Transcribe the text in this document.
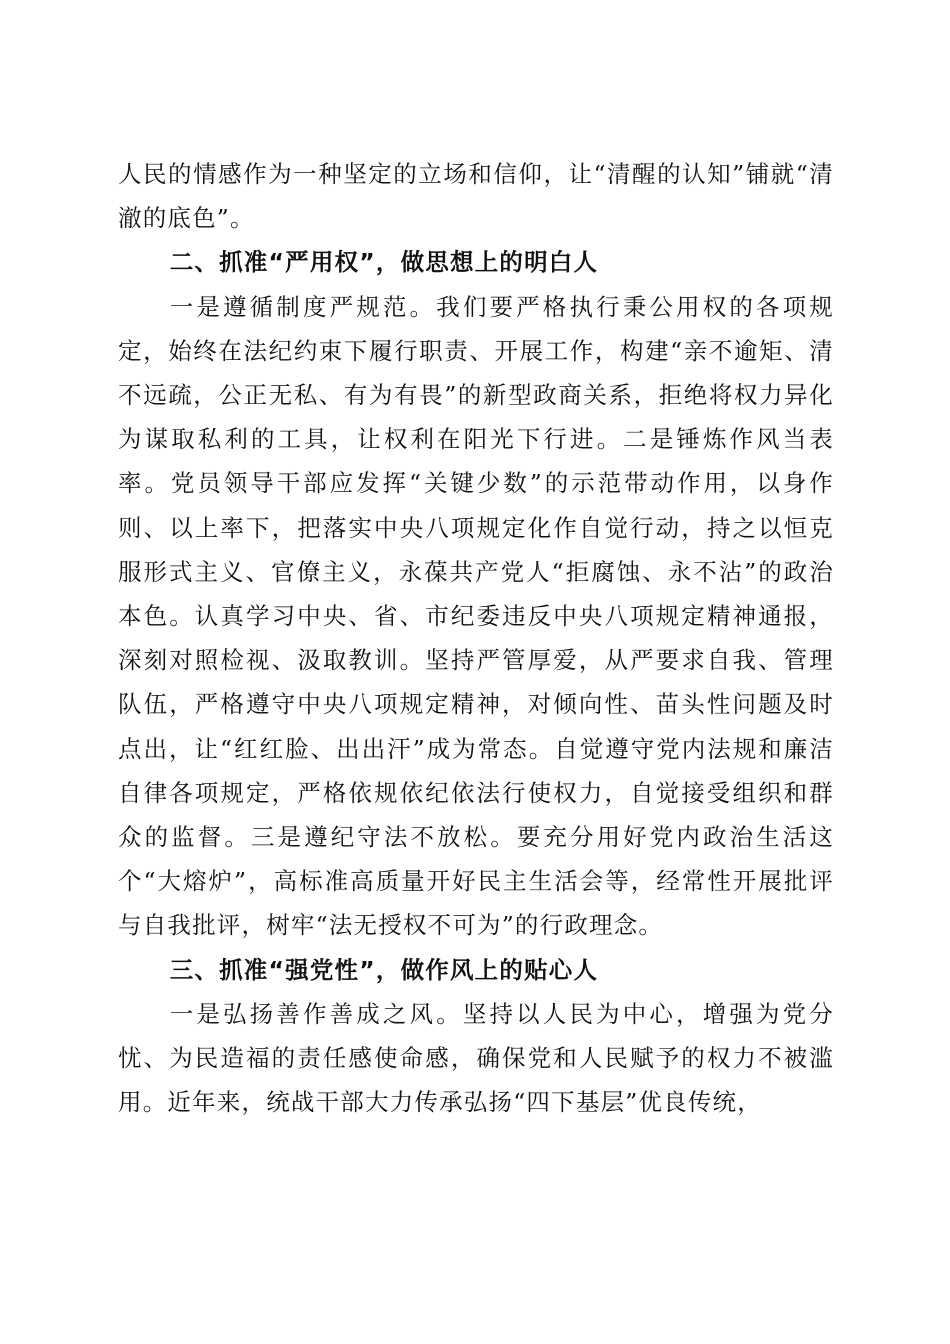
人民的情感作为一种坚定的立场和信仰，让“清醒的认知”铺就“清澈的底色”。

二、抓准“严用权”，做思想上的明白人

一是遵循制度严规范。我们要严格执行秉公用权的各项规定，始终在法纪约束下履行职责、开展工作，构建“亲不逾矩、清不远疏，公正无私、有为有畏”的新型政商关系，拒绝将权力异化为谋取私利的工具，让权利在阳光下行进。二是锤炼作风当表率。党员领导干部应发挥“关键少数”的示范带动作用，以身作则、以上率下，把落实中央八项规定化作自觉行动，持之以恒克服形式主义、官僚主义，永葆共产党人“拒腐蚀、永不沾”的政治本色。认真学习中央、省、市纪委违反中央八项规定精神通报，深刻对照检视、汲取教训。坚持严管厚爱，从严要求自我、管理队伍，严格遵守中央八项规定精神，对倾向性、苗头性问题及时点出，让“红红脸、出出汗”成为常态。自觉遵守党内法规和廉洁自律各项规定，严格依规依纪依法行使权力，自觉接受组织和群众的监督。三是遵纪守法不放松。要充分用好党内政治生活这个“大熔炉”，高标准高质量开好民主生活会等，经常性开展批评与自我批评，树牢“法无授权不可为”的行政理念。

三、抓准“强党性”，做作风上的贴心人

一是弘扬善作善成之风。坚持以人民为中心，增强为党分忧、为民造福的责任感使命感，确保党和人民赋予的权力不被滥用。近年来，统战干部大力传承弘扬“四下基层”优良传统，
